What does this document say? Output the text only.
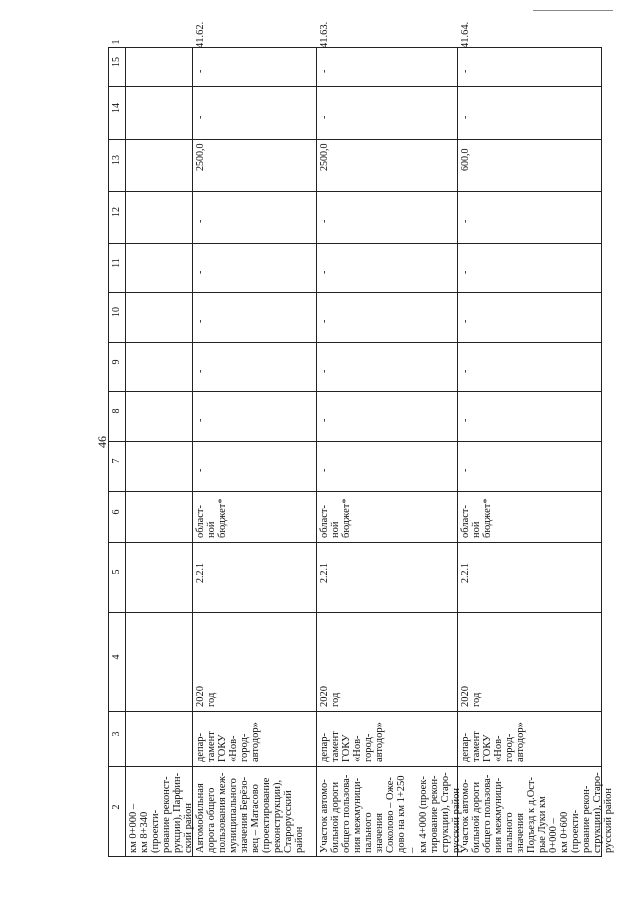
46
1
2
3
4
5
6
7
8
9
10
11
12
13
14
15
км 0+000 –
км 8+340 (проекти-
рование реконст-
рукции), Парфин-
ский район
41.62.
Автомобильная
дорога общего
пользования меж-
муниципального
значения Берёзо-
вец – Матасово
(проектирование
реконструкции),
Старорусский
район
депар-
тамент
ГОКУ
«Нов-
город-
автодор»
2020
год
2.2.1
област-
ной
бюджет*
-
-
-
-
-
-
2500,0
-
-
41.63.
Участок автомо-
бильной дороги
общего пользова-
ния межмуници-
пального значения
Соколово – Оже-
дово на км 1+250 –
км 4+000 (проек-
тирование рекон-
струкции), Старо-
русский район
депар-
тамент
ГОКУ
«Нов-
город-
автодор»
2020
год
2.2.1
област-
ной
бюджет*
-
-
-
-
-
-
2500,0
-
-
41.64.
Участок автомо-
бильной дороги
общего пользова-
ния межмуници-
пального значения
Подъезд к д.Ост-
рые Луки км 0+000 –
км 0+600 (проекти-
рование рекон-
струкции), Старо-
русский район
депар-
тамент
ГОКУ
«Нов-
город-
автодор»
2020
год
2.2.1
област-
ной
бюджет*
-
-
-
-
-
-
600,0
-
-
